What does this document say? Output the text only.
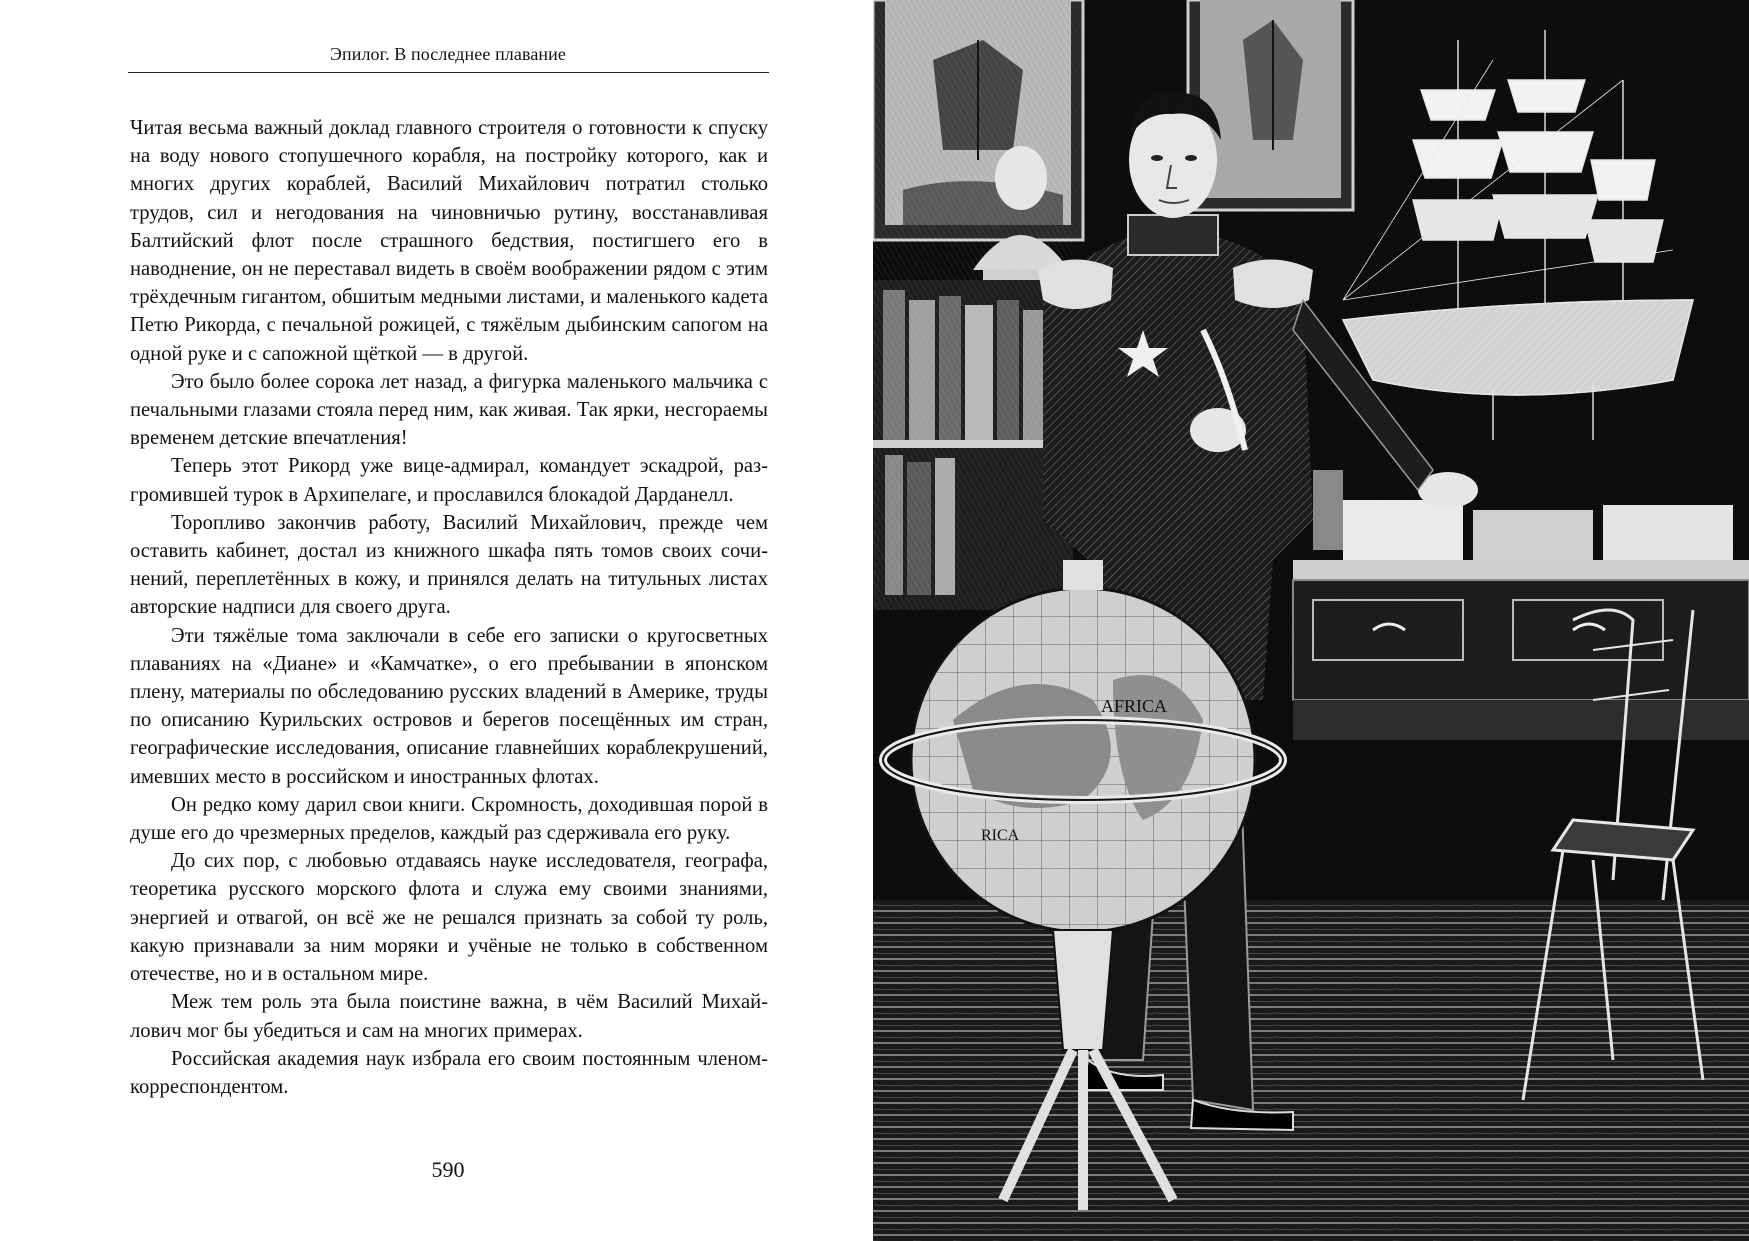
Эпилог. В последнее плавание

Читая весьма важный доклад главного строителя о готовности к спуску на воду нового стопушечного корабля, на постройку которого, как и многих других кораблей, Василий Михайлович потратил столько трудов, сил и негодования на чиновничью рутину, восстанавливая Балтийский флот после страшного бедствия, постигшего его в наводнение, он не переставал видеть в своём воображении рядом с этим трёхдечным гигантом, обшитым медными листами, и маленького кадета Петю Рикорда, с печальной рожицей, с тяжёлым дыбинским сапогом на одной руке и с сапожной щёткой — в другой.

Это было более сорока лет назад, а фигурка маленького мальчика с печальными глазами стояла перед ним, как живая. Так ярки, несгораемы временем детские впечатления!

Теперь этот Рикорд уже вице-адмирал, командует эскадрой, разгромившей турок в Архипелаге, и прославился блокадой Дарданелл.

Торопливо закончив работу, Василий Михайлович, прежде чем оставить кабинет, достал из книжного шкафа пять томов своих сочинений, переплетённых в кожу, и принялся делать на титульных листах авторские надписи для своего друга.

Эти тяжёлые тома заключали в себе его записки о кругосветных плаваниях на «Диане» и «Камчатке», о его пребывании в японском плену, материалы по обследованию русских владений в Америке, труды по описанию Курильских островов и берегов посещённых им стран, географические исследования, описание главнейших кораблекрушений, имевших место в российском и иностранных флотах.

Он редко кому дарил свои книги. Скромность, доходившая порой в душе его до чрезмерных пределов, каждый раз сдерживала его руку.

До сих пор, с любовью отдаваясь науке исследователя, географа, теоретика русского морского флота и служа ему своими знаниями, энергией и отвагой, он всё же не решался признать за собой ту роль, какую признавали за ним моряки и учёные не только в собственном отечестве, но и в остальном мире.

Меж тем роль эта была поистине важна, в чём Василий Михайлович мог бы убедиться и сам на многих примерах.

Российская академия наук избрала его своим постоянным членом-корреспондентом.

590
AFRICA
RICA
